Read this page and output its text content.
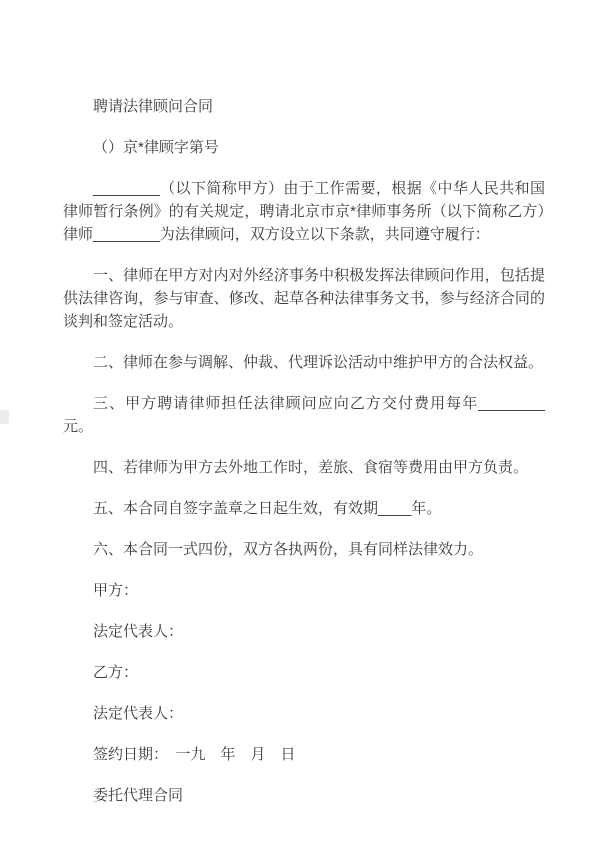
聘请法律顾问合同

（）京*律顾字第号

________（以下简称甲方）由于工作需要，根据《中华人民共和国律师暂行条例》的有关规定，聘请北京市京*律师事务所（以下简称乙方）律师________为法律顾问，双方设立以下条款，共同遵守履行：

一、律师在甲方对内对外经济事务中积极发挥法律顾问作用，包括提供法律咨询，参与审查、修改、起草各种法律事务文书，参与经济合同的谈判和签定活动。

二、律师在参与调解、仲裁、代理诉讼活动中维护甲方的合法权益。

三、甲方聘请律师担任法律顾问应向乙方交付费用每年________元。

四、若律师为甲方去外地工作时，差旅、食宿等费用由甲方负责。

五、本合同自签字盖章之日起生效，有效期____年。

六、本合同一式四份，双方各执两份，具有同样法律效力。

甲方：

法定代表人：

乙方：

法定代表人：

签约日期：　一九　年　月　日

委托代理合同
